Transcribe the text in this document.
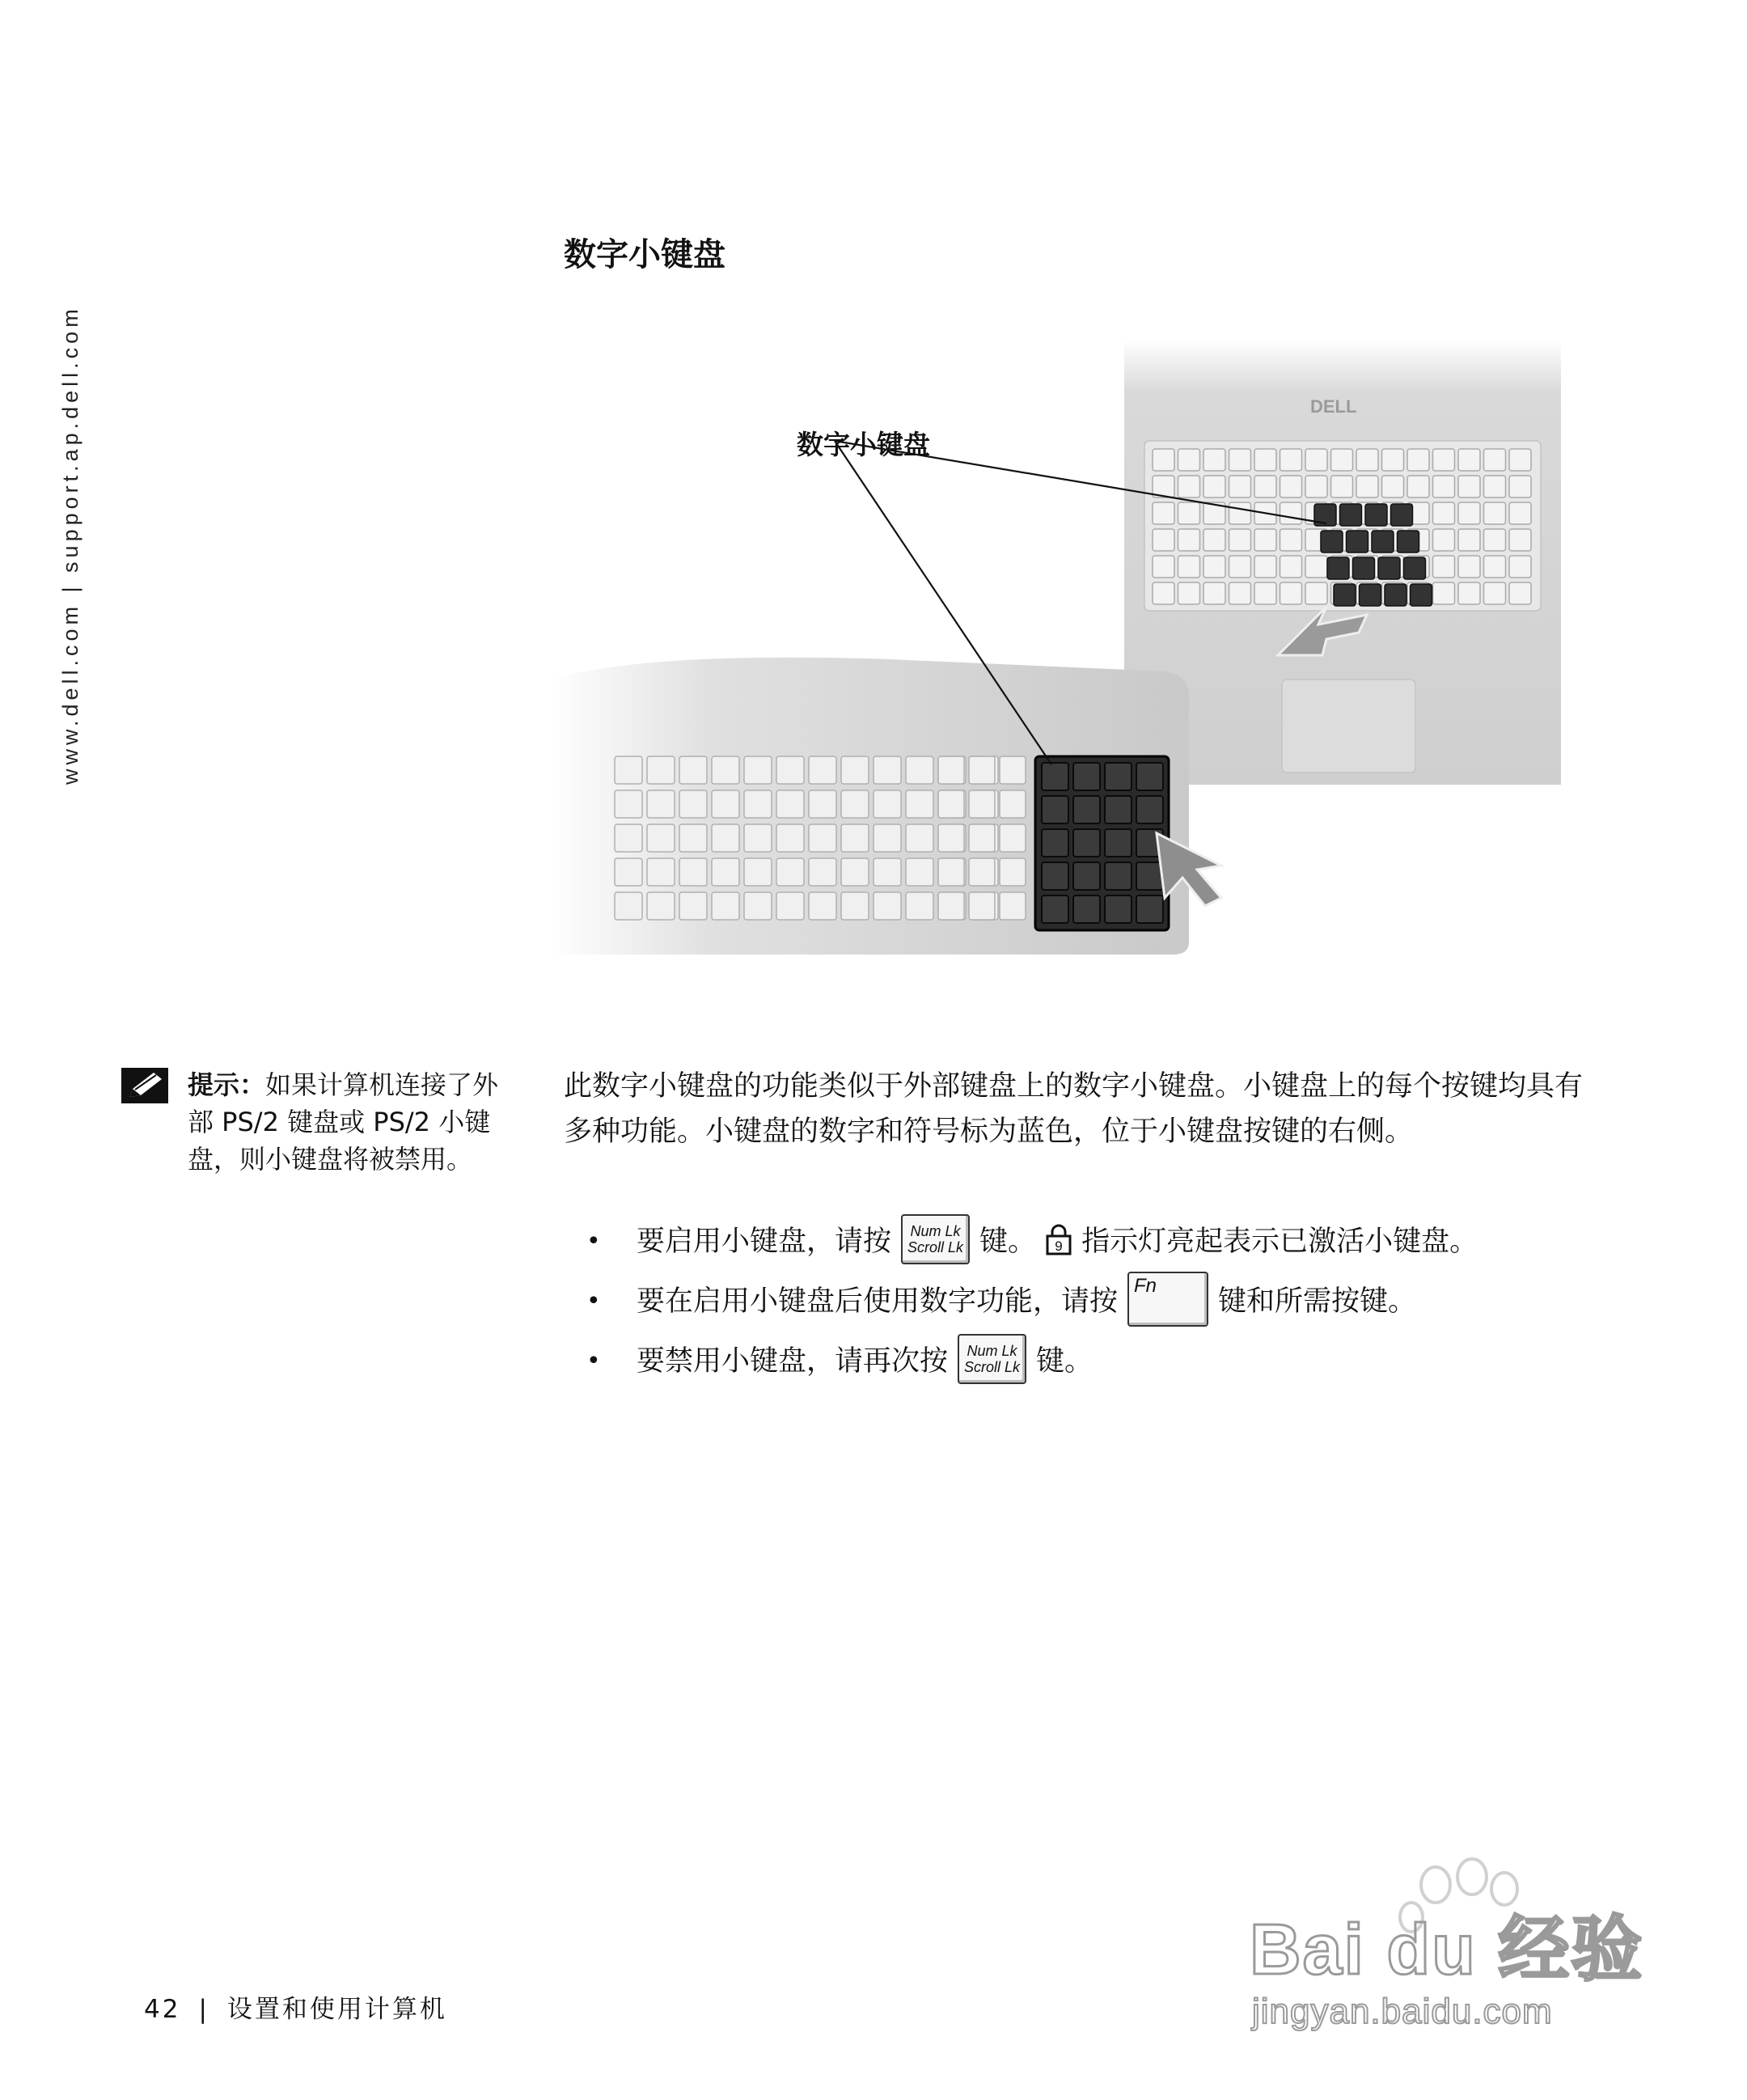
www.dell.com | support.ap.dell.com
数字小键盘
DELL
数字小键盘
提示：如果计算机连接了外部 PS/2 键盘或 PS/2 小键盘，则小键盘将被禁用。
此数字小键盘的功能类似于外部键盘上的数字小键盘。小键盘上的每个按键均具有多种功能。小键盘的数字和符号标为蓝色，位于小键盘按键的右侧。
• 要启用小键盘，请按 Num Lk
Scroll Lk 键。 9 指示灯亮起表示已激活小键盘。
• 要在启用小键盘后使用数字功能，请按 Fn 键和所需按键。
• 要禁用小键盘，请再次按 Num Lk
Scroll Lk 键。
42 | 设置和使用计算机
Bai du 经验
jingyan.baidu.com
